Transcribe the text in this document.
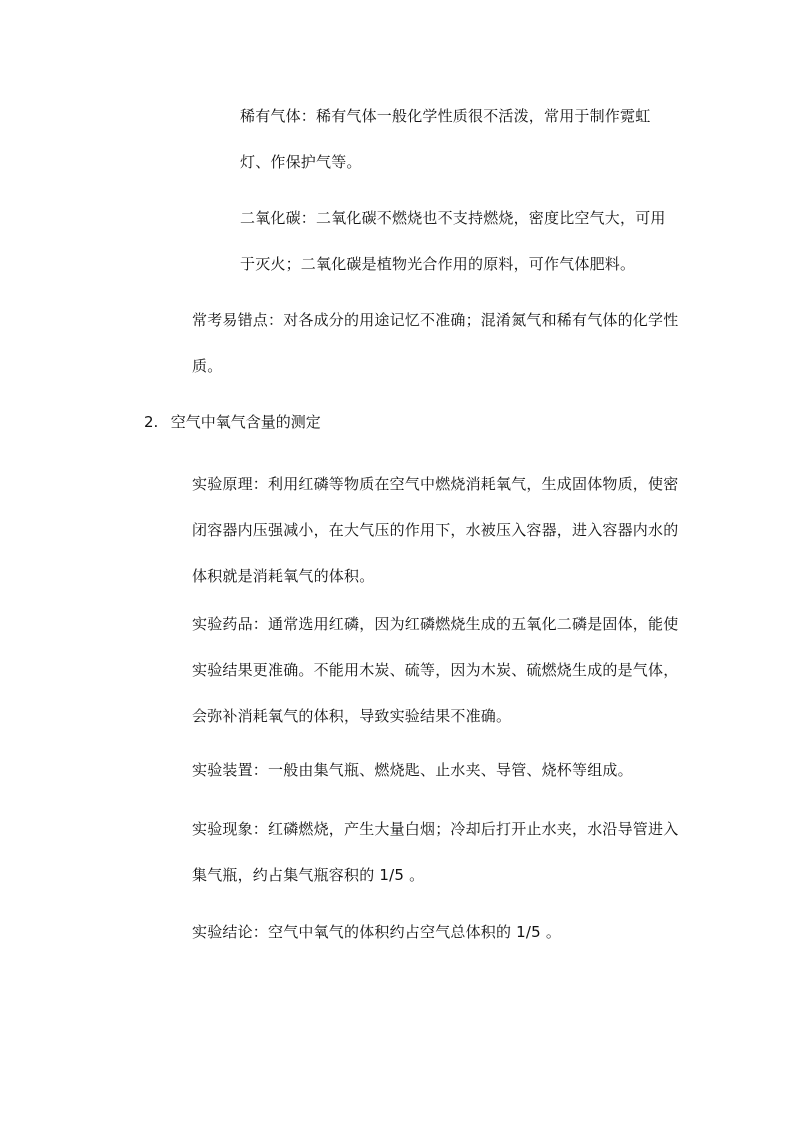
稀有气体：稀有气体一般化学性质很不活泼，常用于制作霓虹灯、作保护气等。

二氧化碳：二氧化碳不燃烧也不支持燃烧，密度比空气大，可用于灭火；二氧化碳是植物光合作用的原料，可作气体肥料。

常考易错点：对各成分的用途记忆不准确；混淆氮气和稀有气体的化学性质。

2. 空气中氧气含量的测定

实验原理：利用红磷等物质在空气中燃烧消耗氧气，生成固体物质，使密闭容器内压强减小，在大气压的作用下，水被压入容器，进入容器内水的体积就是消耗氧气的体积。

实验药品：通常选用红磷，因为红磷燃烧生成的五氧化二磷是固体，能使实验结果更准确。不能用木炭、硫等，因为木炭、硫燃烧生成的是气体，会弥补消耗氧气的体积，导致实验结果不准确。

实验装置：一般由集气瓶、燃烧匙、止水夹、导管、烧杯等组成。

实验现象：红磷燃烧，产生大量白烟；冷却后打开止水夹，水沿导管进入集气瓶，约占集气瓶容积的 1/5 。

实验结论：空气中氧气的体积约占空气总体积的 1/5 。
